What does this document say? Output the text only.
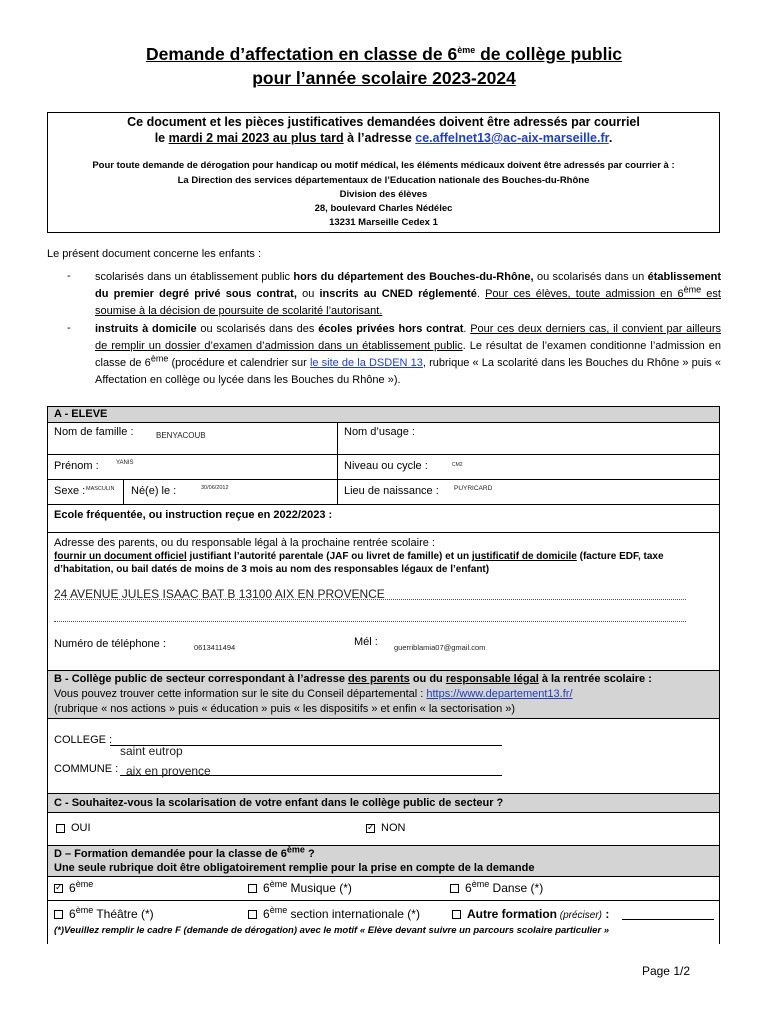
Demande d’affectation en classe de 6ème de collège public
pour l’année scolaire 2023-2024
Ce document et les pièces justificatives demandées doivent être adressés par courriel
le mardi 2 mai 2023 au plus tard à l’adresse ce.affelnet13@ac-aix-marseille.fr.
Pour toute demande de dérogation pour handicap ou motif médical, les éléments médicaux doivent être adressés par courrier à :
La Direction des services départementaux de l’Education nationale des Bouches-du-Rhône
Division des élèves
28, boulevard Charles Nédélec
13231 Marseille Cedex 1
Le présent document concerne les enfants :
- scolarisés dans un établissement public hors du département des Bouches-du-Rhône, ou scolarisés dans un établissement du premier degré privé sous contrat, ou inscrits au CNED réglementé. Pour ces élèves, toute admission en 6ème est soumise à la décision de poursuite de scolarité l’autorisant.
- instruits à domicile ou scolarisés dans des écoles privées hors contrat. Pour ces deux derniers cas, il convient par ailleurs de remplir un dossier d’examen d’admission dans un établissement public. Le résultat de l’examen conditionne l’admission en classe de 6ème (procédure et calendrier sur le site de la DSDEN 13, rubrique « La scolarité dans les Bouches du Rhône » puis « Affectation en collège ou lycée dans les Bouches du Rhône »).
A - ELEVE
Nom de famille :	BENYACOUB	Nom d’usage :
Prénom :	YANIS	Niveau ou cycle :	CM2
Sexe : MASCULIN Né(e) le :	30/06/2012	Lieu de naissance : PUYRICARD
Ecole fréquentée, ou instruction reçue en 2022/2023 :
Adresse des parents, ou du responsable légal à la prochaine rentrée scolaire :
fournir un document officiel justifiant l’autorité parentale (JAF ou livret de famille) et un justificatif de domicile (facture EDF, taxe d’habitation, ou bail datés de moins de 3 mois au nom des responsables légaux de l’enfant)
24 AVENUE JULES ISAAC BAT B 13100 AIX EN PROVENCE
Numéro de téléphone :	0613411494	Mél : guerriblamia07@gmail.com
B - Collège public de secteur correspondant à l’adresse des parents ou du responsable légal à la rentrée scolaire :
Vous pouvez trouver cette information sur le site du Conseil départemental : https://www.departement13.fr/
(rubrique « nos actions » puis « éducation » puis « les dispositifs » et enfin « la sectorisation »)
COLLEGE :
saint eutrop
COMMUNE : aix en provence
C - Souhaitez-vous la scolarisation de votre enfant dans le collège public de secteur ?
OUI
✓	NON
D – Formation demandée pour la classe de 6ème ?
Une seule rubrique doit être obligatoirement remplie pour la prise en compte de la demande
✓6ème	6ème Musique (*)	6ème Danse (*)
6ème Théâtre (*)	6ème section internationale (*)	Autre formation (préciser) :
(*)Veuillez remplir le cadre F (demande de dérogation) avec le motif « Elève devant suivre un parcours scolaire particulier »
Page 1/2
